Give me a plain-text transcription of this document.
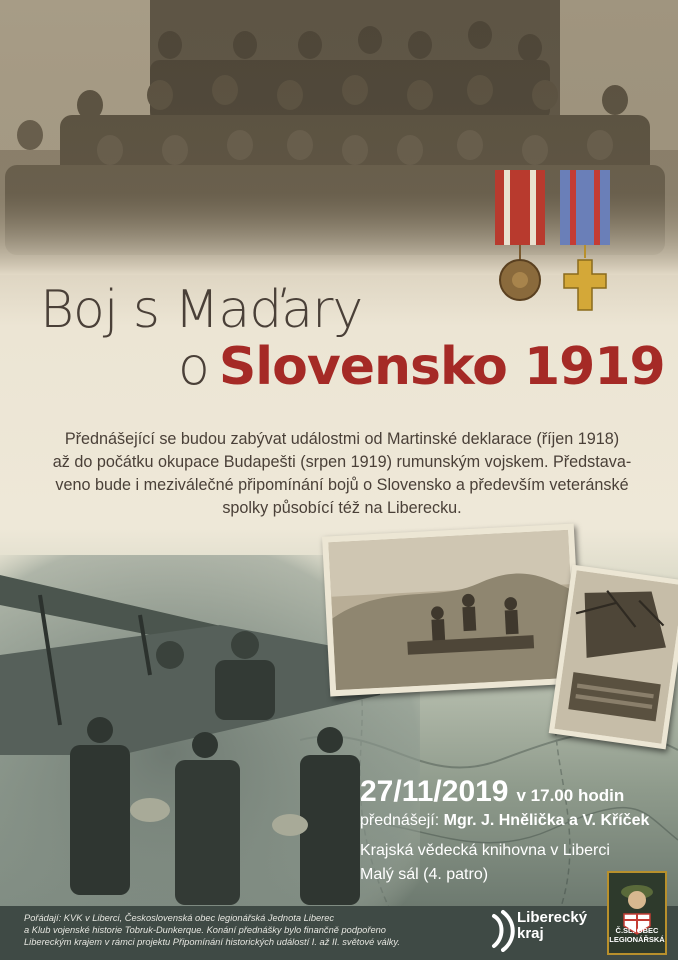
Boj s Maďary
o Slovensko 1919
Přednášející se budou zabývat událostmi od Martinské deklarace (říjen 1918)
až do počátku okupace Budapešti (srpen 1919) rumunským vojskem. Představa-
veno bude i meziválečné připomínání bojů o Slovensko a především veteránské
spolky působící též na Liberecku.
27/11/2019 v 17.00 hodin
přednášejí: Mgr. J. Hnělička a V. Kříček
Krajská vědecká knihovna v Liberci
Malý sál (4. patro)
Pořádají: KVK v Liberci, Československá obec legionářská Jednota Liberec
a Klub vojenské historie Tobruk-Dunkerque. Konání přednášky bylo finančně podpořeno
Libereckým krajem v rámci projektu Připomínání historických událostí I. až II. světové války.
Liberecký
kraj	Č.SL. OBEC
LEGIONÁŘSKÁ
